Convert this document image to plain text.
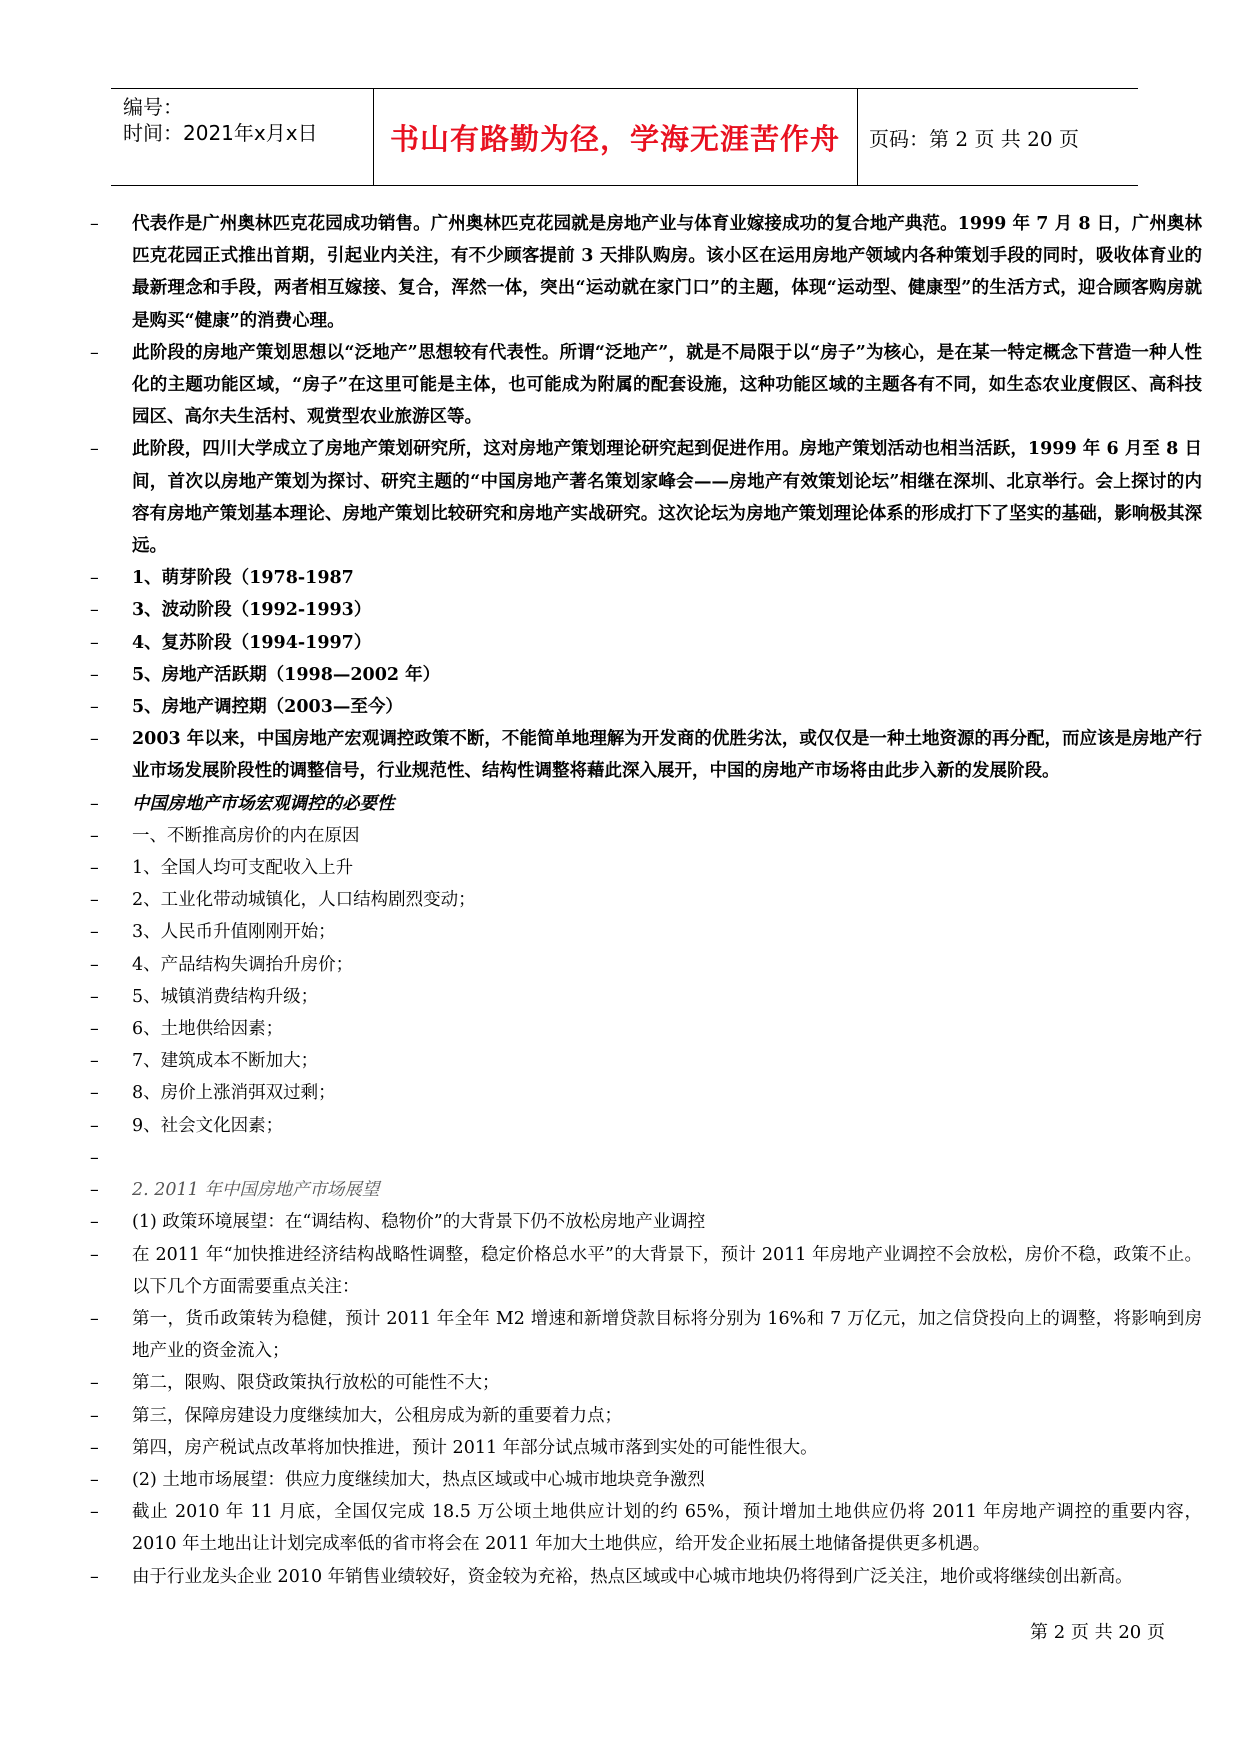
编号：
时间：2021年x月x日	书山有路勤为径，学海无涯苦作舟	页码：第 2 页 共 20 页
–	代表作是广州奥林匹克花园成功销售。广州奥林匹克花园就是房地产业与体育业嫁接成功的复合地产典范。1999 年 7 月 8 日，广州奥林匹克花园正式推出首期，引起业内关注，有不少顾客提前 3 天排队购房。该小区在运用房地产领域内各种策划手段的同时，吸收体育业的最新理念和手段，两者相互嫁接、复合，浑然一体，突出“运动就在家门口”的主题，体现“运动型、健康型”的生活方式，迎合顾客购房就是购买“健康”的消费心理。
–	此阶段的房地产策划思想以“泛地产”思想较有代表性。所谓“泛地产”，就是不局限于以“房子”为核心，是在某一特定概念下营造一种人性化的主题功能区域，“房子”在这里可能是主体，也可能成为附属的配套设施，这种功能区域的主题各有不同，如生态农业度假区、高科技园区、高尔夫生活村、观赏型农业旅游区等。
–	此阶段，四川大学成立了房地产策划研究所，这对房地产策划理论研究起到促进作用。房地产策划活动也相当活跃，1999 年 6 月至 8 日间，首次以房地产策划为探讨、研究主题的“中国房地产著名策划家峰会——房地产有效策划论坛”相继在深圳、北京举行。会上探讨的内容有房地产策划基本理论、房地产策划比较研究和房地产实战研究。这次论坛为房地产策划理论体系的形成打下了坚实的基础，影响极其深远。
–	1、萌芽阶段（1978-1987
–	3、波动阶段（1992-1993）
–	4、复苏阶段（1994-1997）
–	5、房地产活跃期（1998—2002 年）
–	5、房地产调控期（2003—至今）
–	2003 年以来，中国房地产宏观调控政策不断，不能简单地理解为开发商的优胜劣汰，或仅仅是一种土地资源的再分配，而应该是房地产行业市场发展阶段性的调整信号，行业规范性、结构性调整将藉此深入展开，中国的房地产市场将由此步入新的发展阶段。
–	中国房地产市场宏观调控的必要性
–	一、不断推高房价的内在原因
–	1、全国人均可支配收入上升
–	2、工业化带动城镇化，人口结构剧烈变动；
–	3、人民币升值刚刚开始；
–	4、产品结构失调抬升房价；
–	5、城镇消费结构升级；
–	6、土地供给因素；
–	7、建筑成本不断加大；
–	8、房价上涨消弭双过剩；
–	9、社会文化因素；
–
–	2. 2011 年中国房地产市场展望
–	(1) 政策环境展望：在“调结构、稳物价”的大背景下仍不放松房地产业调控
–	在 2011 年“加快推进经济结构战略性调整，稳定价格总水平”的大背景下，预计 2011 年房地产业调控不会放松，房价不稳，政策不止。以下几个方面需要重点关注：
–	第一，货币政策转为稳健，预计 2011 年全年 M2 增速和新增贷款目标将分别为 16%和 7 万亿元，加之信贷投向上的调整，将影响到房地产业的资金流入；
–	第二，限购、限贷政策执行放松的可能性不大；
–	第三，保障房建设力度继续加大，公租房成为新的重要着力点；
–	第四，房产税试点改革将加快推进，预计 2011 年部分试点城市落到实处的可能性很大。
–	(2) 土地市场展望：供应力度继续加大，热点区域或中心城市地块竞争激烈
–	截止 2010 年 11 月底，全国仅完成 18.5 万公顷土地供应计划的约 65%，预计增加土地供应仍将 2011 年房地产调控的重要内容，2010 年土地出让计划完成率低的省市将会在 2011 年加大土地供应，给开发企业拓展土地储备提供更多机遇。
–	由于行业龙头企业 2010 年销售业绩较好，资金较为充裕，热点区域或中心城市地块仍将得到广泛关注，地价或将继续创出新高。
第 2 页 共 20 页
